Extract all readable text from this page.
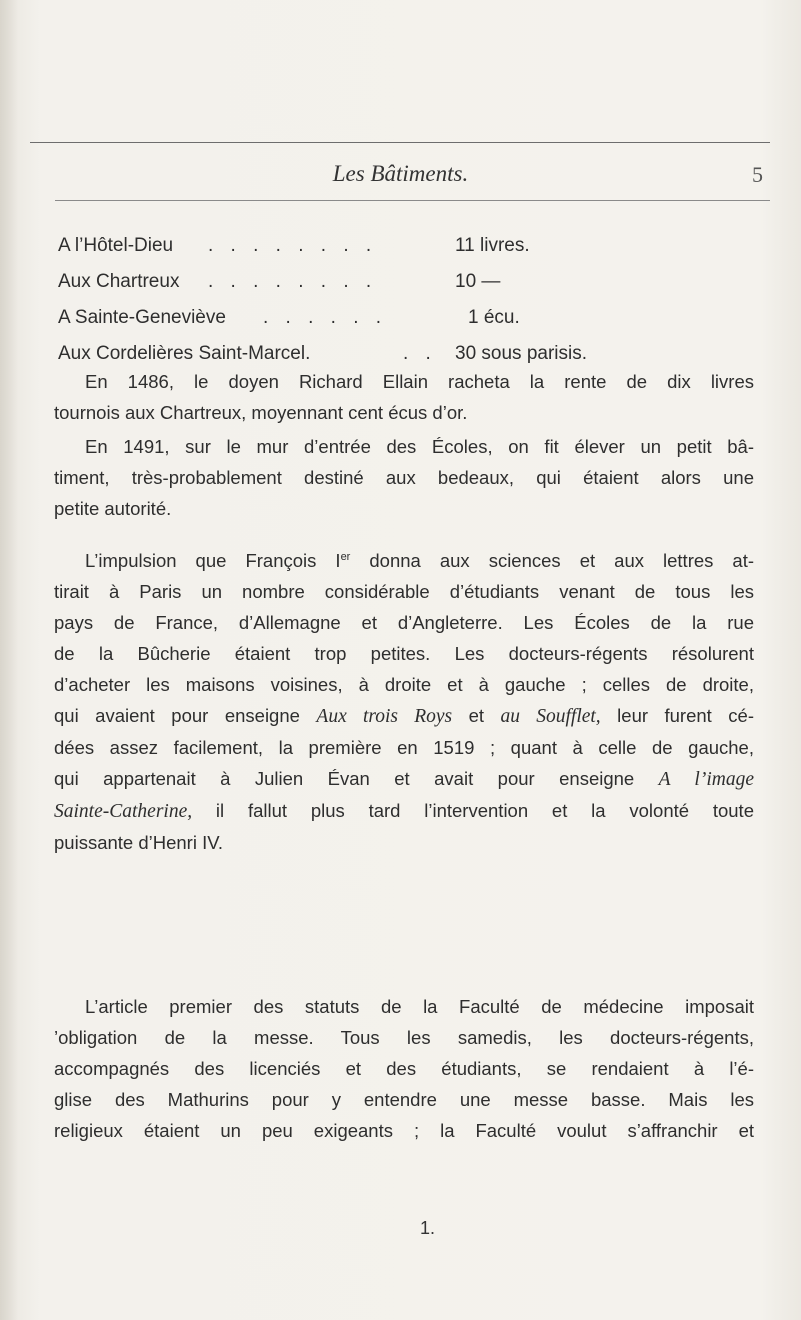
Les Bâtiments.	5
A l’Hôtel-Dieu . . . . . . . .	11 livres.
Aux Chartreux . . . . . . . .	10 —
A Sainte-Geneviève . . . . . .	1 écu.
Aux Cordelières Saint-Marcel.	. . 30 sous parisis.
En 1486, le doyen Richard Ellain racheta la rente de dix livres
tournois aux Chartreux, moyennant cent écus d’or.
En 1491, sur le mur d’entrée des Écoles, on fit élever un petit bâ-
timent, très-probablement destiné aux bedeaux, qui étaient alors une
petite autorité.
L’impulsion que François Ier donna aux sciences et aux lettres at-
tirait à Paris un nombre considérable d’étudiants venant de tous les
pays de France, d’Allemagne et d’Angleterre. Les Écoles de la rue
de la Bûcherie étaient trop petites. Les docteurs-régents résolurent
d’acheter les maisons voisines, à droite et à gauche ; celles de droite,
qui avaient pour enseigne Aux trois Roys et au Soufflet, leur furent cé-
dées assez facilement, la première en 1519 ; quant à celle de gauche,
qui appartenait à Julien Évan et avait pour enseigne A l’image
Sainte-Catherine, il fallut plus tard l’intervention et la volonté toute
puissante d’Henri IV.
L’article premier des statuts de la Faculté de médecine imposait
’obligation de la messe. Tous les samedis, les docteurs-régents,
accompagnés des licenciés et des étudiants, se rendaient à l’é-
glise des Mathurins pour y entendre une messe basse. Mais les
religieux étaient un peu exigeants ; la Faculté voulut s’affranchir et
1.
